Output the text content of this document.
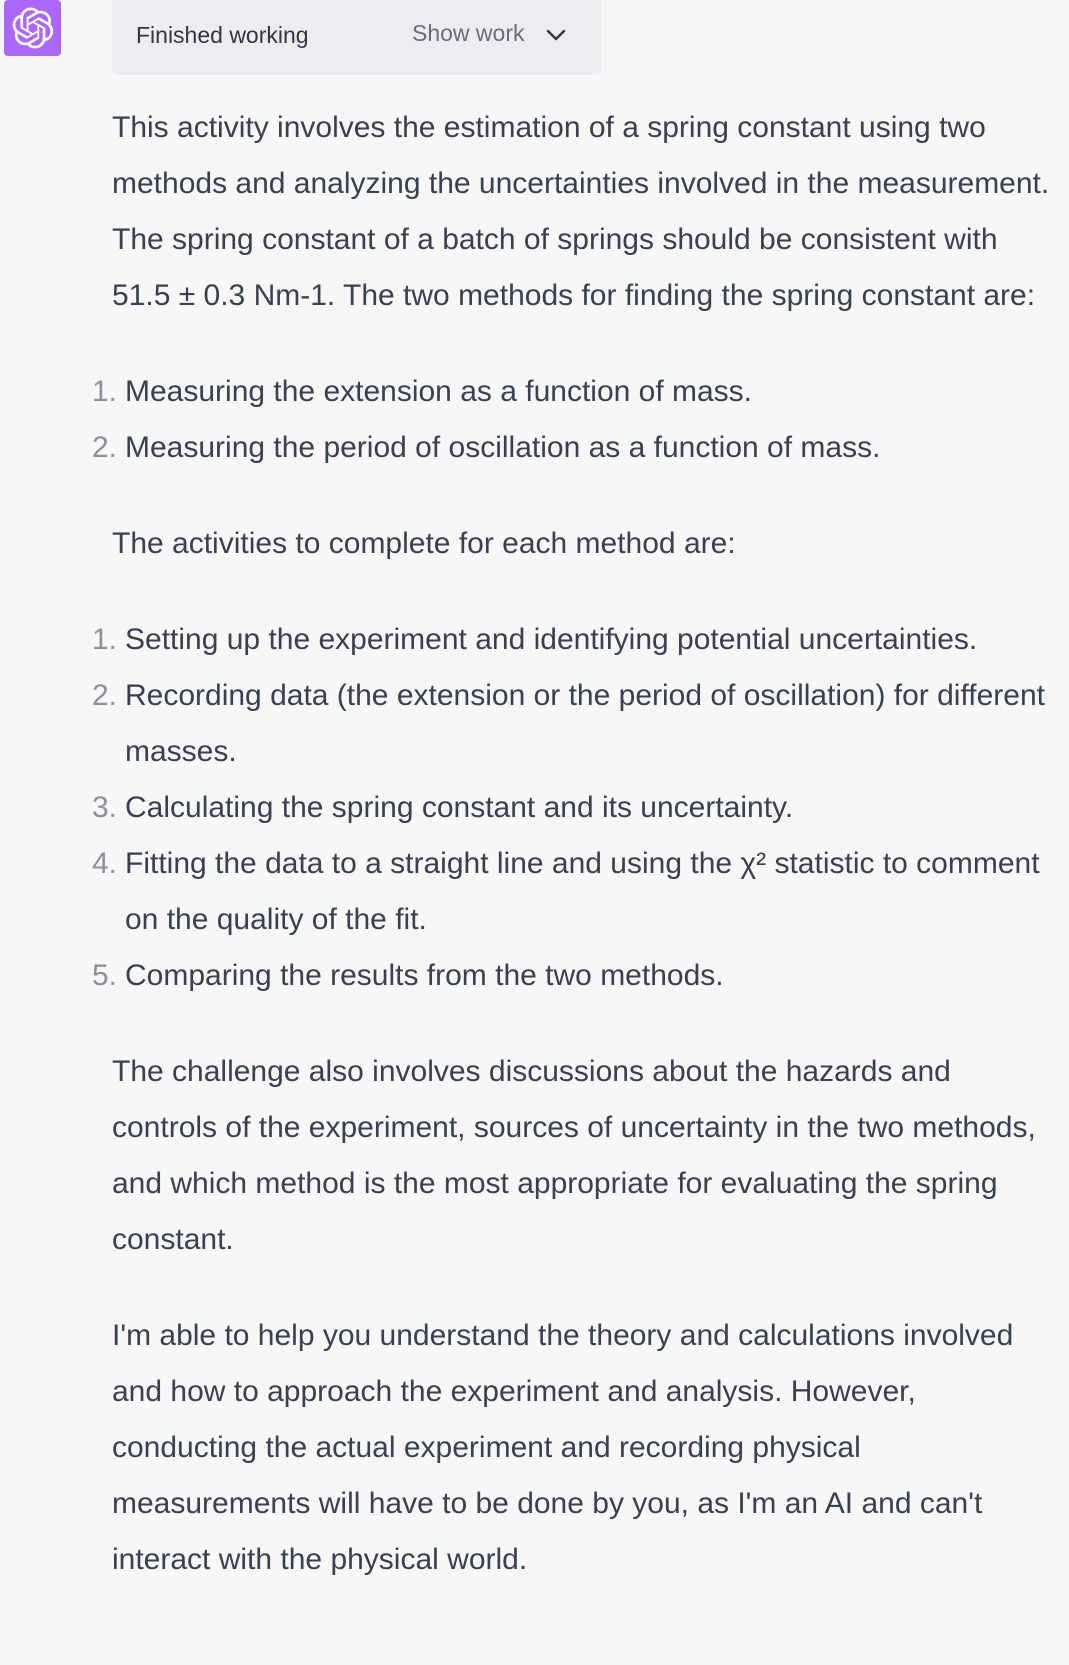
Finished working	Show work

This activity involves the estimation of a spring constant using two methods and analyzing the uncertainties involved in the measurement. The spring constant of a batch of springs should be consistent with 51.5 ± 0.3 Nm-1. The two methods for finding the spring constant are:

1. Measuring the extension as a function of mass.
2. Measuring the period of oscillation as a function of mass.

The activities to complete for each method are:

1. Setting up the experiment and identifying potential uncertainties.
2. Recording data (the extension or the period of oscillation) for different masses.
3. Calculating the spring constant and its uncertainty.
4. Fitting the data to a straight line and using the χ² statistic to comment on the quality of the fit.
5. Comparing the results from the two methods.

The challenge also involves discussions about the hazards and controls of the experiment, sources of uncertainty in the two methods, and which method is the most appropriate for evaluating the spring constant.

I'm able to help you understand the theory and calculations involved and how to approach the experiment and analysis. However, conducting the actual experiment and recording physical measurements will have to be done by you, as I'm an AI and can't interact with the physical world.
